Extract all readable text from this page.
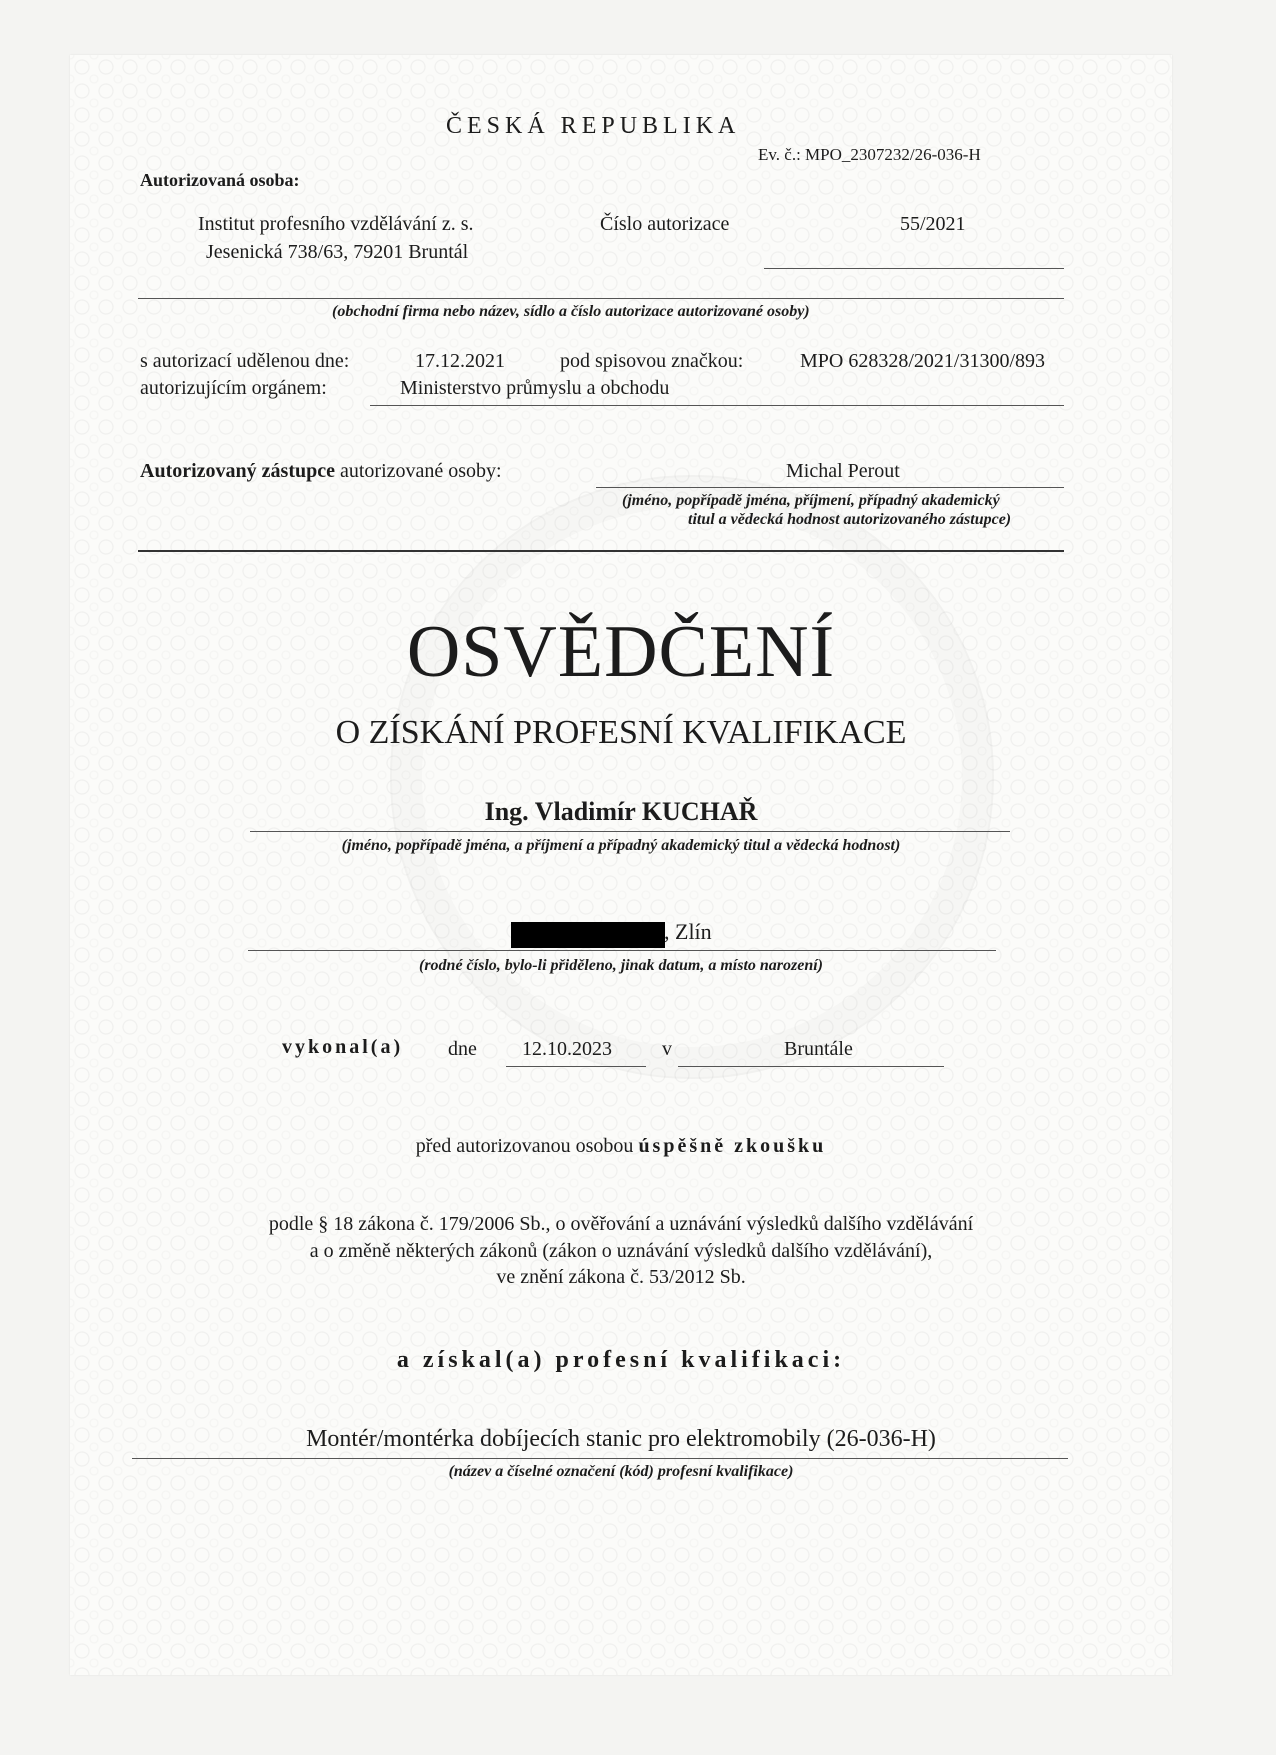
ČESKÁ REPUBLIKA
Ev. č.: MPO_2307232/26-036-H
Autorizovaná osoba:
Institut profesního vzdělávání z. s.	Číslo autorizace	55/2021
Jesenická 738/63, 79201 Bruntál
(obchodní firma nebo název, sídlo a číslo autorizace autorizované osoby)
s autorizací udělenou dne:	17.12.2021	pod spisovou značkou:	MPO 628328/2021/31300/893
autorizujícím orgánem:	Ministerstvo průmyslu a obchodu
Autorizovaný zástupce autorizované osoby:	Michal Perout
(jméno, popřípadě jména, příjmení, případný akademický
titul a vědecká hodnost autorizovaného zástupce)
OSVĚDČENÍ
O ZÍSKÁNÍ PROFESNÍ KVALIFIKACE
Ing. Vladimír KUCHAŘ
(jméno, popřípadě jména, a příjmení a případný akademický titul a vědecká hodnost)
, Zlín
(rodné číslo, bylo-li přiděleno, jinak datum, a místo narození)
vykonal(a) dne 12.10.2023	v	Bruntále
před autorizovanou osobou úspěšně zkoušku
podle § 18 zákona č. 179/2006 Sb., o ověřování a uznávání výsledků dalšího vzdělávání
a o změně některých zákonů (zákon o uznávání výsledků dalšího vzdělávání),
ve znění zákona č. 53/2012 Sb.
a získal(a) profesní kvalifikaci:
Montér/montérka dobíjecích stanic pro elektromobily (26-036-H)
(název a číselné označení (kód) profesní kvalifikace)
